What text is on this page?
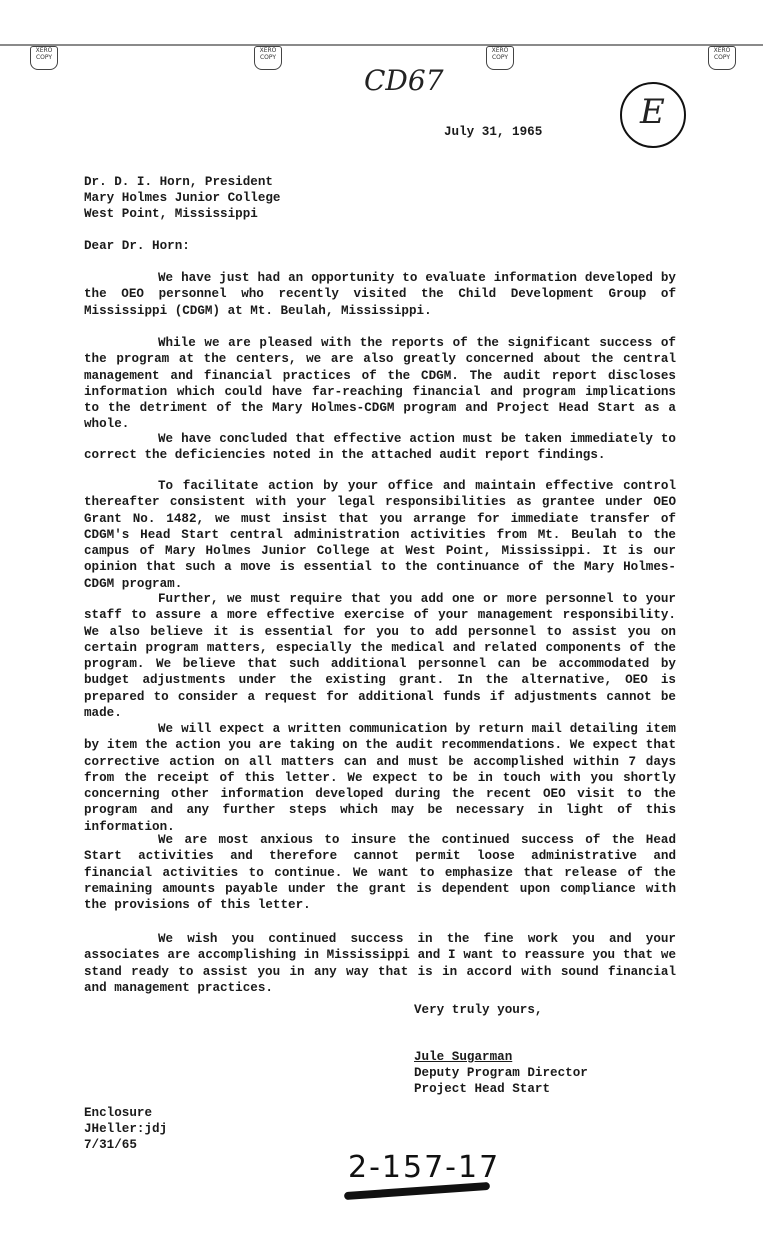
XERO COPY
XERO COPY
XERO COPY
XERO COPY
CD67
E
July 31, 1965
Dr. D. I. Horn, President
Mary Holmes Junior College
West Point, Mississippi
Dear Dr. Horn:
We have just had an opportunity to evaluate information developed by the OEO personnel who recently visited the Child Development Group of Mississippi (CDGM) at Mt. Beulah, Mississippi.
While we are pleased with the reports of the significant success of the program at the centers, we are also greatly concerned about the central management and financial practices of the CDGM. The audit report discloses information which could have far-reaching financial and program implications to the detriment of the Mary Holmes-CDGM program and Project Head Start as a whole.
We have concluded that effective action must be taken immediately to correct the deficiencies noted in the attached audit report findings.
To facilitate action by your office and maintain effective control thereafter consistent with your legal responsibilities as grantee under OEO Grant No. 1482, we must insist that you arrange for immediate transfer of CDGM's Head Start central administration activities from Mt. Beulah to the campus of Mary Holmes Junior College at West Point, Mississippi. It is our opinion that such a move is essential to the continuance of the Mary Holmes-CDGM program.
Further, we must require that you add one or more personnel to your staff to assure a more effective exercise of your management responsibility. We also believe it is essential for you to add personnel to assist you on certain program matters, especially the medical and related components of the program. We believe that such additional personnel can be accommodated by budget adjustments under the existing grant. In the alternative, OEO is prepared to consider a request for additional funds if adjustments cannot be made.
We will expect a written communication by return mail detailing item by item the action you are taking on the audit recommendations. We expect that corrective action on all matters can and must be accomplished within 7 days from the receipt of this letter. We expect to be in touch with you shortly concerning other information developed during the recent OEO visit to the program and any further steps which may be necessary in light of this information.
We are most anxious to insure the continued success of the Head Start activities and therefore cannot permit loose administrative and financial activities to continue. We want to emphasize that release of the remaining amounts payable under the grant is dependent upon compliance with the provisions of this letter.
We wish you continued success in the fine work you and your associates are accomplishing in Mississippi and I want to reassure you that we stand ready to assist you in any way that is in accord with sound financial and management practices.
Very truly yours,
Jule Sugarman
Deputy Program Director
Project Head Start
Enclosure
JHeller:jdj
7/31/65
2-157-17
